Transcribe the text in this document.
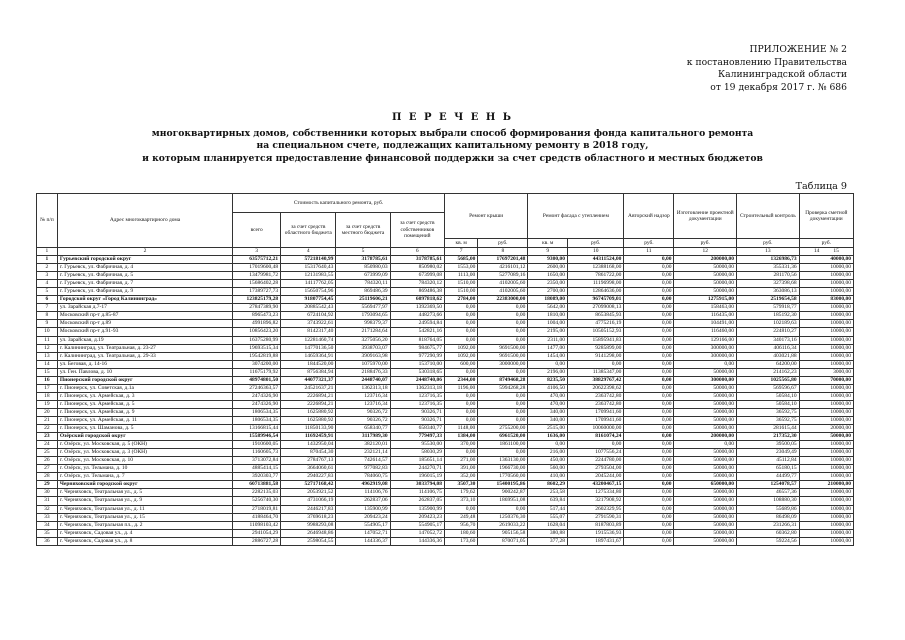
ПРИЛОЖЕНИЕ № 2
к постановлению Правительства
Калининградской области
от 19 декабря 2017 г. № 686
П Е Р Е Ч Е Н Ь
многоквартирных домов, собственники которых выбрали способ формирования фонда капитального ремонта
на специальном счете, подлежащих капитальному ремонту в 2018 году,
и которым планируется предоставление финансовой поддержки за счет средств областного и местных бюджетов
Таблица 9
№ п/п	Адрес многоквартирного дома	Стоимость капитального ремонта, руб.				Ремонт крыши		Ремонт фасада с утеплением		Авторский надзор	Изготовление проектной документации	Строительный контроль	Проверка сметной документации
		всего	за счет средств областного бюджета	за счет средств местного бюджета	за счет средств собственников помещений								
						кв. м	руб.	кв. м	руб.	руб.	руб.	руб.	руб.
1	2	3	4	5	6	7	8	9	10	11	12	13	14 15
1	Гурьевский городской округ	63575712,21	57218140,99	3178785,61	3178785,61	5685,00	17697201,48	9300,00	44311524,00	0,00	200000,00	1326986,73	40000,00
2	г. Гурьевск, ул. Фабричная, д. 4	17019600,48	15317640,43	850980,03	850980,02	1553,00	4216101,12	2600,00	12388168,00	0,00	50000,00	355331,36	10000,00
3	г. Гурьевск, ул. Фабричная, д. 5	13479981,72	12131983,55	673999,09	673999,08	1113,00	5277089,16	1650,00	7861722,00	0,00	50000,00	281170,56	10000,00
4	г. Гурьевск, ул. Фабричная, д. 7	15686402,28	14117762,05	784320,11	784320,12	1510,00	4102005,60	2350,00	11196998,00	0,00	50000,00	327398,68	10000,00
5	г. Гурьевск, ул. Фабричная, д. 9	17389727,73	15650754,96	869486,39	869486,38	1510,00	4102005,60	2700,00	12864636,00	0,00	50000,00	363086,13	10000,00
6	Городской округ «Город Калининград»	123825179,28	91807754,45	25119606,21	6097818,62	2784,00	22383000,00	18089,00	96745709,01	0,00	1275915,00	2519654,58	83000,00
7	ул. Зарайская д.7-17	27847389,90	20885542,43	5569477,97	1392369,50	0,00	0,00	5642,00	27099008,13	0,00	158463,00	579918,77	10000,00
8	Московский пр-т д.85-87	8965473,23	6724104,92	1793094,65	448273,66	0,00	0,00	1810,00	8653845,93	0,00	116435,00	185192,30	10000,00
9	Московский пр-т д.89	4991896,82	3743922,61	998379,37	249594,84	0,00	0,00	1004,00	4775216,19	0,00	104491,00	102189,63	10000,00
10	Московский пр-т д.91-93	10856423,20	8142317,40	2171284,64	542821,16	0,00	0,00	2195,00	10505152,93	0,00	116460,00	224810,27	10000,00
11	ул. Зарайская, д.19	16375280,99	12281460,74	3275056,20	818764,05	0,00	0,00	2311,00	15895941,83	0,00	129166,00	340173,16	10000,00
12	г. Калининград, ул. Театральная, д. 23-27	19693515,34	14770136,50	3938703,07	984675,77	1092,00	9691500,00	1477,00	9285899,00	0,00	300000,00	406116,34	10000,00
13	г. Калининград, ул. Театральная, д. 29-33	19542819,88	14659364,91	3909163,98	977290,99	1092,00	9691500,00	1454,00	9141298,00	0,00	300000,00	403021,88	10000,00
14	ул. Беговая, д. 14-16	3074200,00	1844520,00	1075970,00	153710,00	600,00	3000000,00	0,00	0,00	0,00	0,00	64200,00	10000,00
15	ул. Ген. Павлова, д. 10	11675179,92	8756384,94	2188476,33	530318,65	0,00	0,00	2196,00	11385347,00	0,00	50000,00	214162,23	3000,00
16	Пионерский городской округ	48974801,50	44077321,37	2448740,07	2448740,06	2344,00	8749468,28	8235,50	38829767,42	0,00	300000,00	1025565,80	70000,00
17	г. Пионерск, ул. Советская, д.1а	27246363,57	24521637,21	1362313,18	1362313,18	1196,00	5994268,28	4106,50	20622398,62	0,00	50000,00	569596,67	10000,00
18	г. Пионерск, ул. Армейская, д. 3	2474326,90	2226894,21	123716,34	123716,35	0,00	0,00	470,00	2363742,80	0,00	50000,00	50584,10	10000,00
19	г. Пионерск, ул. Армейская, д. 5	2474326,90	2226894,21	123716,34	123716,35	0,00	0,00	470,00	2363742,80	0,00	50000,00	50584,10	10000,00
20	г. Пионерск, ул. Армейская, д. 9	1806534,35	1625880,92	90326,72	90326,71	0,00	0,00	340,00	1709941,60	0,00	50000,00	36592,75	10000,00
21	г. Пионерск, ул. Армейская, д. 11	1806534,35	1625880,92	90326,72	90326,71	0,00	0,00	340,00	1709941,60	0,00	50000,00	36592,75	10000,00
22	г. Пионерск, ул. Шаманова, д. 5	13166815,44	11850133,90	658340,77	658340,77	1148,00	2755200,00	2515,00	10060000,00	0,00	50000,00	281615,44	20000,00
23	Озёрский городской округ	15589946,54	11692459,91	3117989,30	779497,33	1384,00	6961520,00	1636,00	8161074,24	0,00	200000,00	217352,30	50000,00
24	г. Озёрск, ул. Московская, д. 5 (ОКН)	1910600,05	1432950,04	382120,01	95530,00	370,00	1861100,00	0,00	0,00	0,00	0,00	39500,05	10000,00
25	г. Озёрск, ул. Московская, д. 3 (ОКН)	1160605,73	870454,30	232121,14	58030,29	0,00	0,00	216,00	1077556,24	0,00	50000,00	23049,49	10000,00
26	г. Озёрск, ул. Московская, д. 10	3713072,84	2784767,13	742614,57	185651,14	271,00	1363130,00	450,00	2244780,00	0,00	50000,00	45112,84	10000,00
27	г. Озёрск, ул. Тельмана, д. 10	4885414,15	3664060,61	977082,83	244270,71	391,00	1966730,00	560,00	2793504,00	0,00	50000,00	65180,15	10000,00
28	г. Озёрск, ул. Тельмана, д. 7	3920303,77	2940227,83	784060,75	196015,19	352,00	1770560,00	410,00	2045244,00	0,00	50000,00	44499,77	10000,00
29	Черняховский городской округ	60713881,58	52717168,42	4962919,08	3033794,08	3507,30	15400195,86	8602,29	43200467,15	0,00	650000,00	1254078,57	210000,00
30	г. Черняховск, Театральная ул., д. 5	2282135,03	2053921,52	114106,76	114106,75	179,62	900242,87	253,58	1275334,80	0,00	50000,00	46557,36	10000,00
31	г. Черняховск, Театральная ул., д. 9	5256740,30	4731066,19	262837,06	262837,05	373,10	1869951,08	639,84	3217908,92	0,00	50000,00	108880,30	10000,00
32	г. Черняховск, Театральная ул., д. 11	2718019,81	2446217,83	135900,99	135900,99	0,00	0,00	517,44	2602329,95	0,00	50000,00	55689,86	10000,00
33	г. Черняховск, Театральная ул., д. 15	4188464,70	3769618,23	209423,24	209423,23	249,48	1250376,30	555,07	2791590,31	0,00	50000,00	86498,09	10000,00
34	г. Черняховск, Театральная пл., д. 2	11098103,42	9988293,08	554905,17	554905,17	956,70	2619033,22	1628,04	8187803,89	0,00	50000,00	231266,31	10000,00
35	г. Черняховск, Садовая ул., д. 4	2941054,29	2646948,86	147052,71	147052,72	180,60	905156,58	380,88	1915536,93	0,00	50000,00	60362,80	10000,00
36	г. Черняховск, Садовая ул., д. 8	2886727,28	2598054,55	144336,37	144336,36	173,60	870071,05	377,28	1897431,67	0,00	50000,00	59224,56	10000,00
